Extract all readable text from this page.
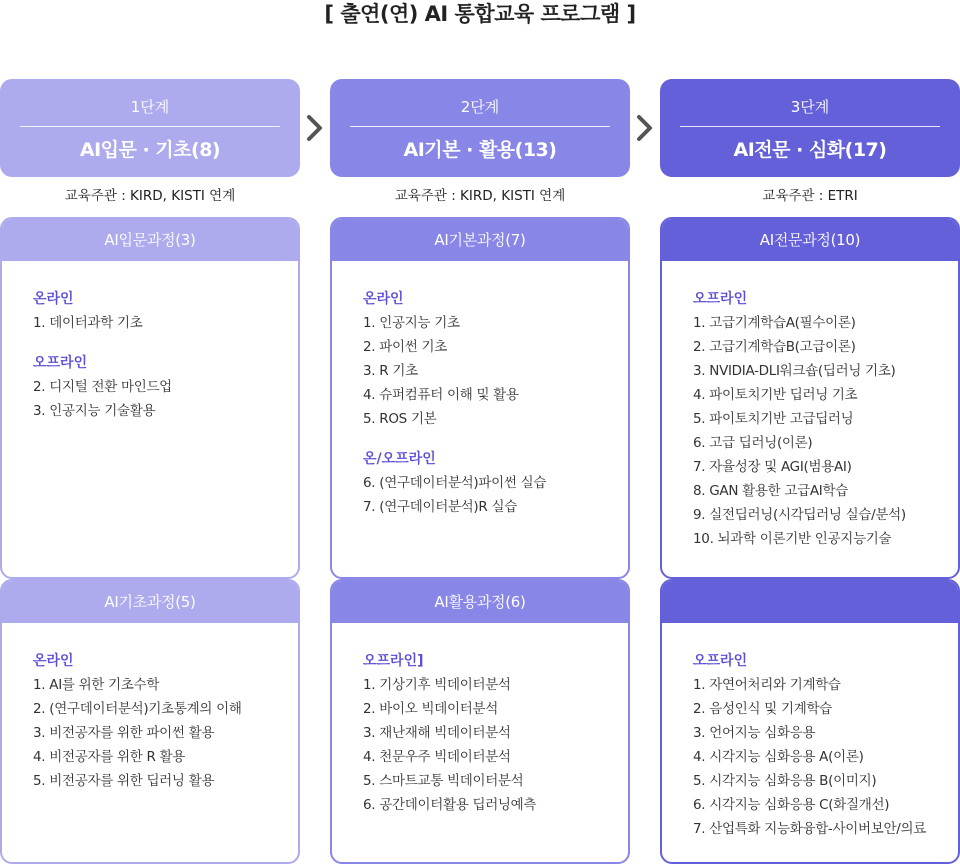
[ 출연(연) AI 통합교육 프로그램 ]
1단계
AI입문 · 기초(8)
2단계
AI기본 · 활용(13)
3단계
AI전문 · 심화(17)
교육주관 : KIRD, KISTI 연계	교육주관 : KIRD, KISTI 연계	교육주관 : ETRI
AI입문과정(3)
온라인
1. 데이터과학 기초
오프라인
2. 디지털 전환 마인드업
3. 인공지능 기술활용
AI기본과정(7)
온라인
1. 인공지능 기초
2. 파이썬 기초
3. R 기초
4. 슈퍼컴퓨터 이해 및 활용
5. ROS 기본
온/오프라인
6. (연구데이터분석)파이썬 실습
7. (연구데이터분석)R 실습
AI전문과정(10)
오프라인
1. 고급기계학습A(필수이론)
2. 고급기계학습B(고급이론)
3. NVIDIA-DLI워크숍(딥러닝 기초)
4. 파이토치기반 딥러닝 기초
5. 파이토치기반 고급딥러닝
6. 고급 딥러닝(이론)
7. 자율성장 및 AGI(범용AI)
8. GAN 활용한 고급AI학습
9. 실전딥러닝(시각딥러닝 실습/분석)
10. 뇌과학 이론기반 인공지능기술
AI기초과정(5)
온라인
1. AI를 위한 기초수학
2. (연구데이터분석)기초통계의 이해
3. 비전공자를 위한 파이썬 활용
4. 비전공자를 위한 R 활용
5. 비전공자를 위한 딥러닝 활용
AI활용과정(6)
오프라인]
1. 기상기후 빅데이터분석
2. 바이오 빅데이터분석
3. 재난재해 빅데이터분석
4. 천문우주 빅데이터분석
5. 스마트교통 빅데이터분석
6. 공간데이터활용 딥러닝예측
오프라인
1. 자연어처리와 기계학습
2. 음성인식 및 기계학습
3. 언어지능 심화응용
4. 시각지능 심화응용 A(이론)
5. 시각지능 심화응용 B(이미지)
6. 시각지능 심화응용 C(화질개선)
7. 산업특화 지능화융합-사이버보안/의료
